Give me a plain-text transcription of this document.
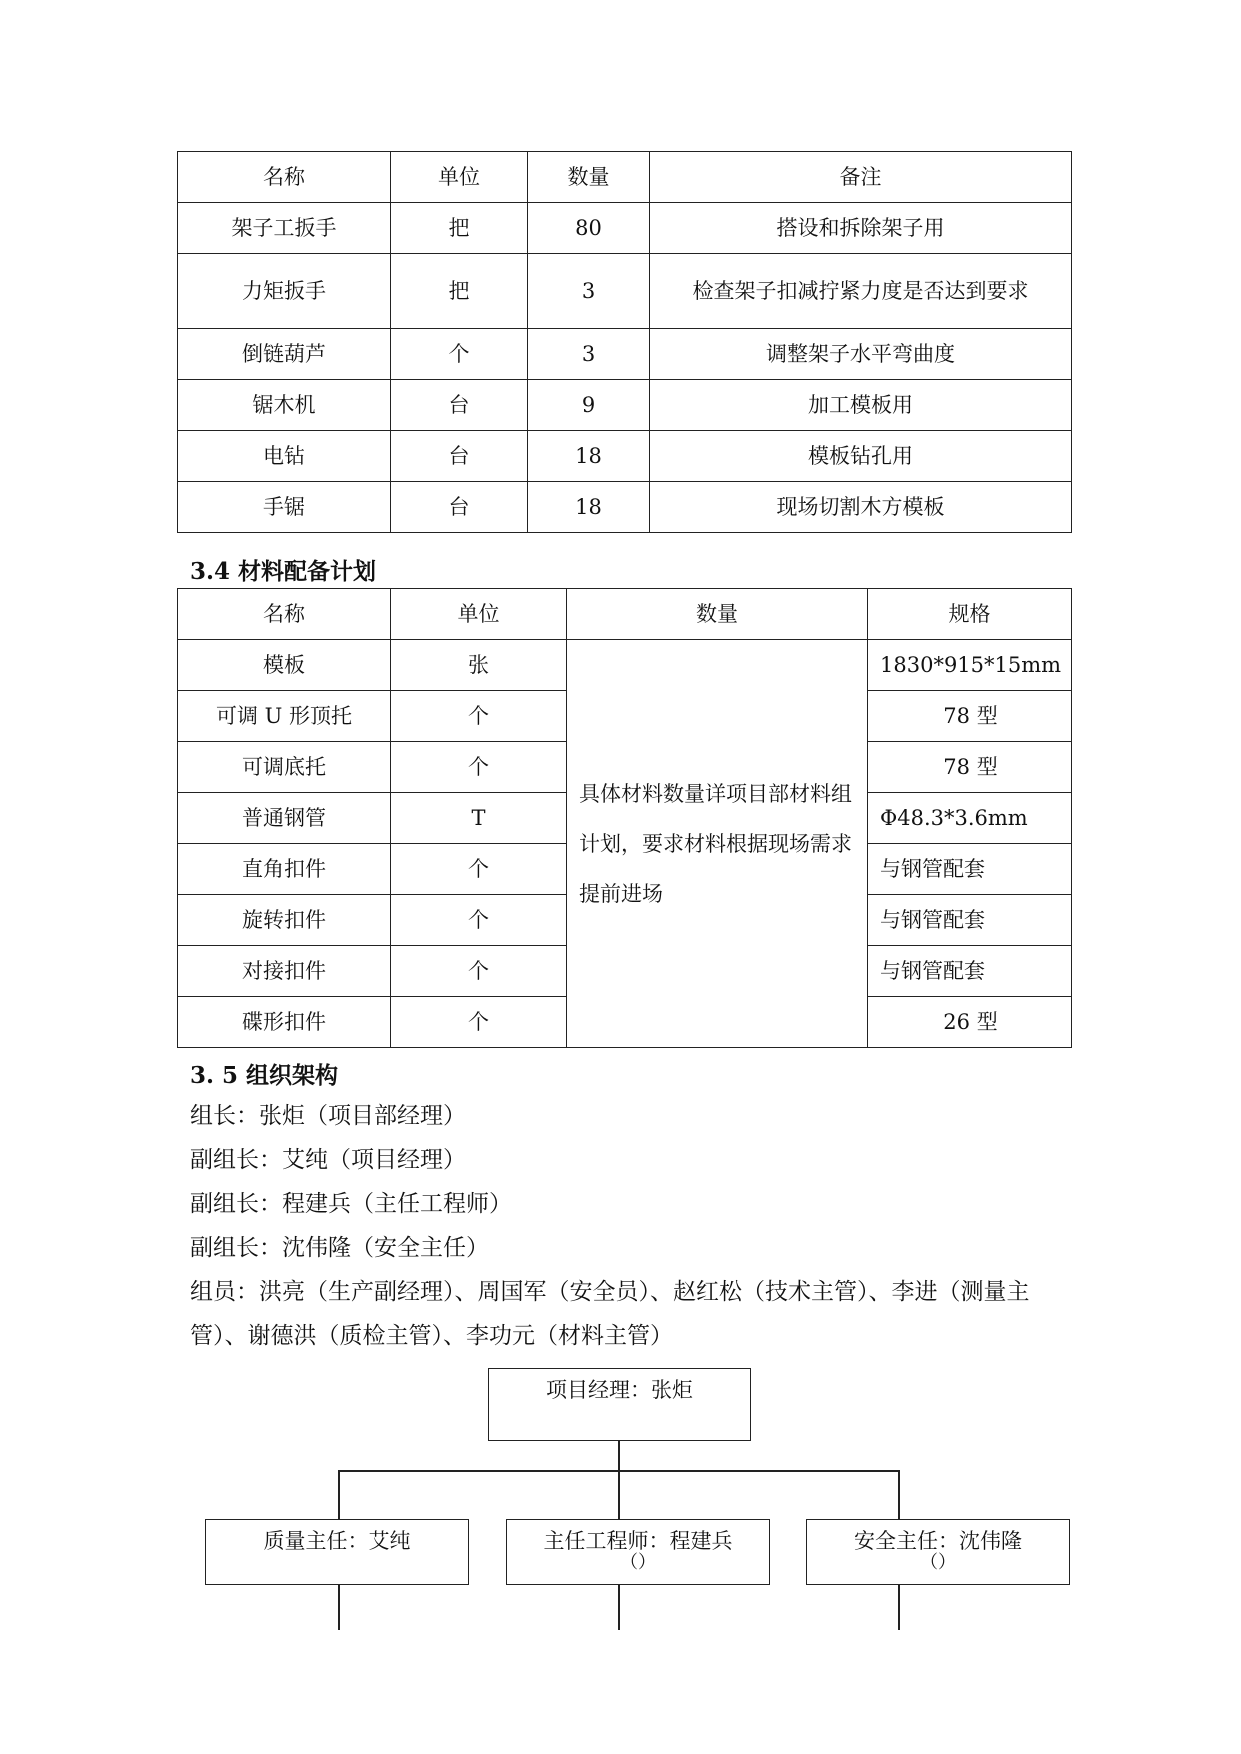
名称	单位	数量	备注
架子工扳手	把	80	搭设和拆除架子用
力矩扳手	把	3	检查架子扣减拧紧力度是否达到要求
倒链葫芦	个	3	调整架子水平弯曲度
锯木机	台	9	加工模板用
电钻	台	18	模板钻孔用
手锯	台	18	现场切割木方模板
3.4 材料配备计划
名称	单位	数量	规格
模板	张	具体材料数量详项目部材料组计划，要求材料根据现场需求提前进场	1830*915*15mm
可调 U 形顶托	个		78 型
可调底托	个		78 型
普通钢管	T		Φ48.3*3.6mm
直角扣件	个		与钢管配套
旋转扣件	个		与钢管配套
对接扣件	个		与钢管配套
碟形扣件	个		26 型
3. 5 组织架构
组长：张炬（项目部经理）
副组长：艾纯（项目经理）
副组长：程建兵（主任工程师）
副组长：沈伟隆（安全主任）
组员：洪亮（生产副经理）、周国军（安全员）、赵红松（技术主管）、李进（测量主管）、谢德洪（质检主管）、李功元（材料主管）
项目经理：张炬
质量主任：艾纯	主任工程师：程建兵
（）
安全主任：沈伟隆
（）
